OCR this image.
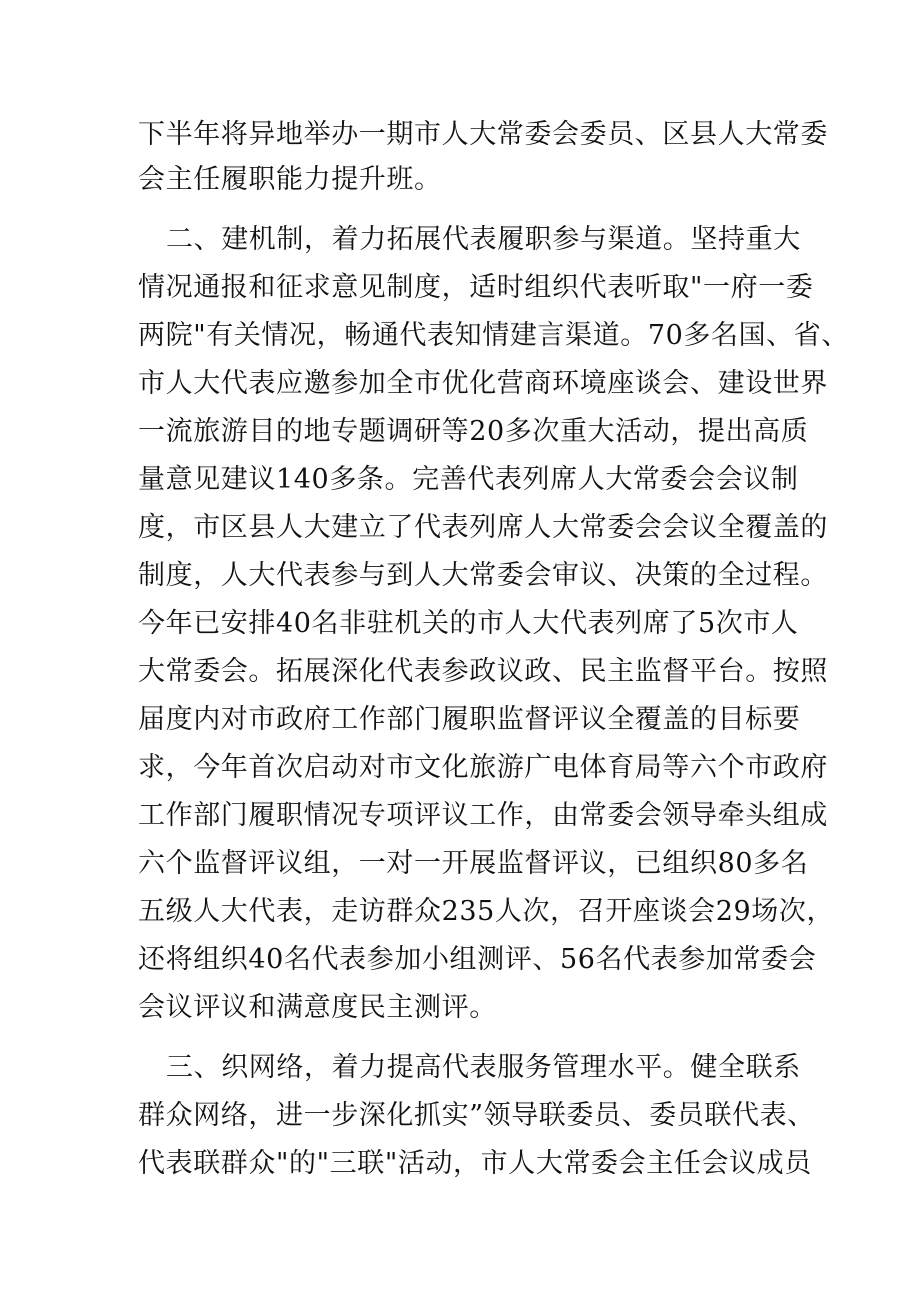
下半年将异地举办一期市人大常委会委员、区县人大常委
会主任履职能力提升班。
二、建机制，着力拓展代表履职参与渠道。坚持重大
情况通报和征求意见制度，适时组织代表听取"一府一委
两院"有关情况，畅通代表知情建言渠道。70多名国、省、
市人大代表应邀参加全市优化营商环境座谈会、建设世界
一流旅游目的地专题调研等20多次重大活动，提出高质
量意见建议140多条。完善代表列席人大常委会会议制
度，市区县人大建立了代表列席人大常委会会议全覆盖的
制度，人大代表参与到人大常委会审议、决策的全过程。
今年已安排40名非驻机关的市人大代表列席了5次市人
大常委会。拓展深化代表参政议政、民主监督平台。按照
届度内对市政府工作部门履职监督评议全覆盖的目标要
求，今年首次启动对市文化旅游广电体育局等六个市政府
工作部门履职情况专项评议工作，由常委会领导牵头组成
六个监督评议组，一对一开展监督评议，已组织80多名
五级人大代表，走访群众235人次，召开座谈会29场次，
还将组织40名代表参加小组测评、56名代表参加常委会
会议评议和满意度民主测评。
三、织网络，着力提高代表服务管理水平。健全联系
群众网络，进一步深化抓实”领导联委员、委员联代表、
代表联群众"的"三联"活动，市人大常委会主任会议成员
